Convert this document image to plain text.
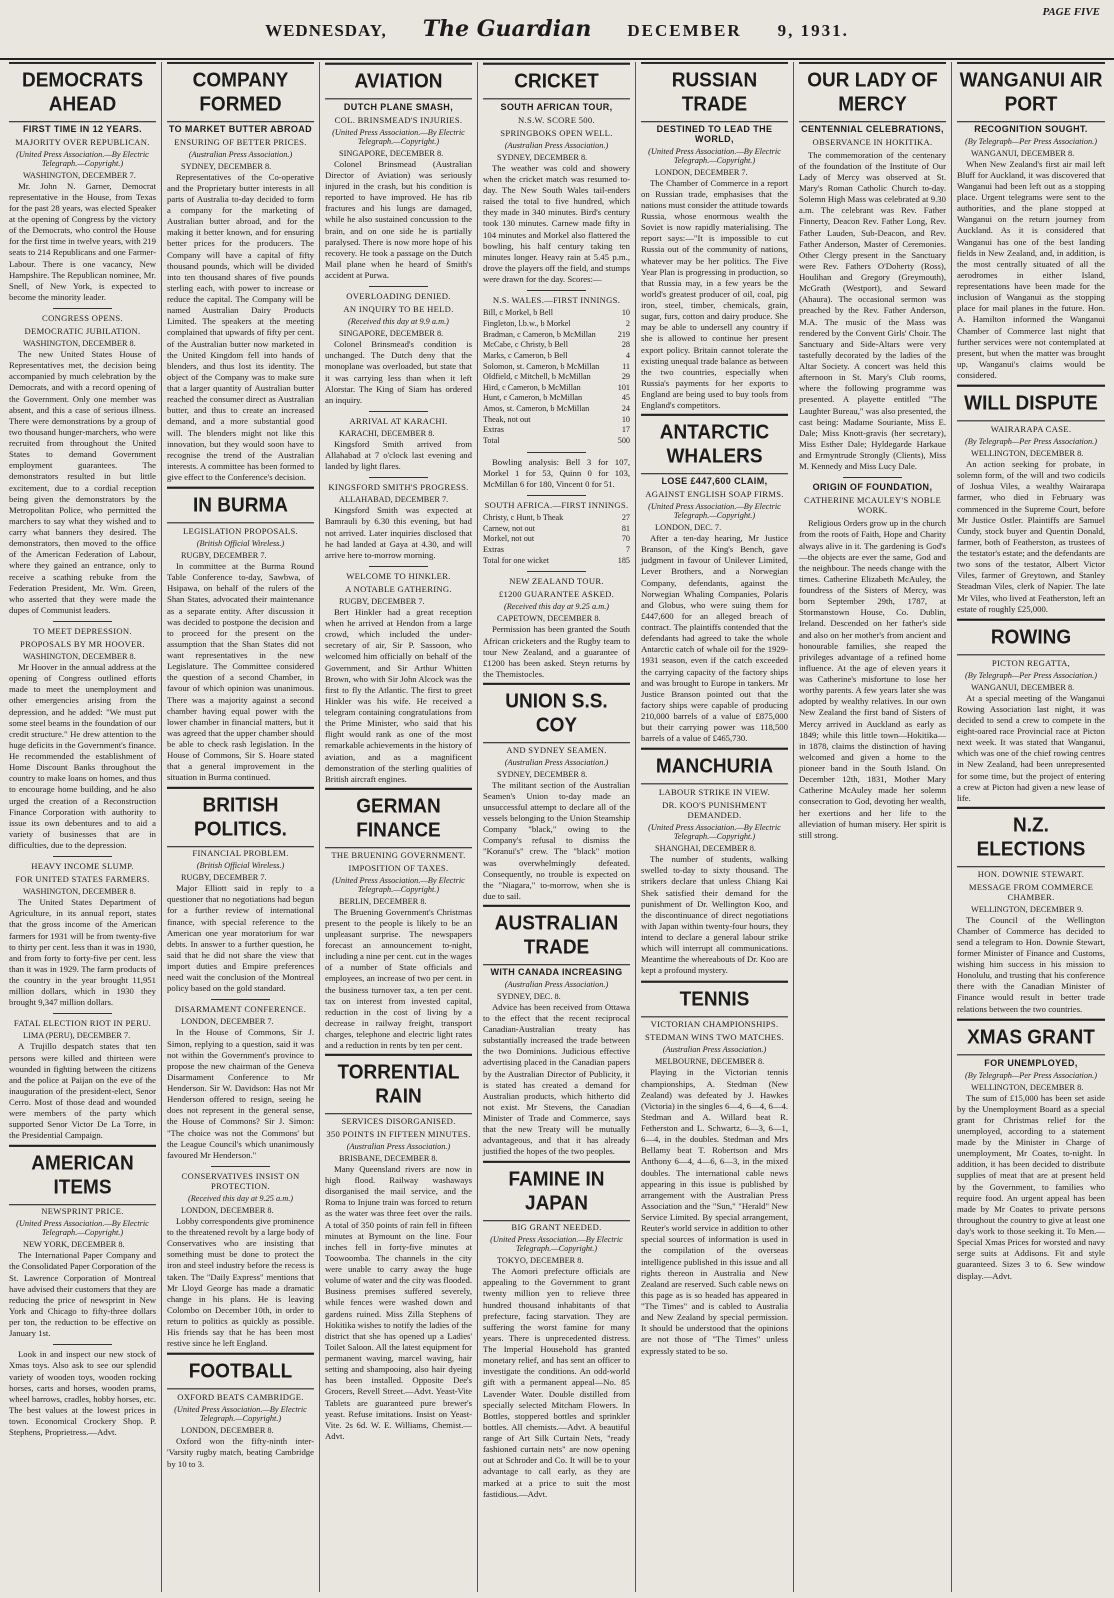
WEDNESDAY, The Guardian DECEMBER 9, 1931.
PAGE FIVE
DEMOCRATS AHEAD
FIRST TIME IN 12 YEARS.
MAJORITY OVER REPUBLICAN.
(United Press Association.—By Electric Telegraph.—Copyright.)
WASHINGTON, DECEMBER 7.

Mr. John N. Garner, Democrat representative in the House, from Texas for the past 28 years, was elected Speaker at the opening of Congress by the victory of the Democrats, who control the House for the first time in twelve years, with 219 seats to 214 Republicans and one Farmer-Labour. There is one vacancy, New Hampshire. The Republican nominee, Mr. Snell, of New York, is expected to become the minority leader.

CONGRESS OPENS.
DEMOCRATIC JUBILATION.
WASHINGTON, DECEMBER 8.

The new United States House of Representatives met, the decision being accompanied by much celebration by the Democrats, and with a record opening of the Government. Only one member was absent, and this a case of serious illness. There were demonstrations by a group of two thousand hunger-marchers, who were recruited from throughout the United States to demand Government employment guarantees. The demonstrators resulted in but little excitement, due to a cordial reception being given the demonstrators by the Metropolitan Police, who permitted the marchers to say what they wished and to carry what banners they desired. The demonstrators, then moved to the office of the American Federation of Labour, where they gained an entrance, only to receive a scathing rebuke from the Federation President, Mr. Wm. Green, who asserted that they were made the dupes of Communist leaders.

TO MEET DEPRESSION.
PROPOSALS BY MR HOOVER.
WASHINGTON, DECEMBER 8.

Mr Hoover in the annual address at the opening of Congress outlined efforts made to meet the unemployment and other emergencies arising from the depression, and he added: "We must put some steel beams in the foundation of our credit structure." He drew attention to the huge deficits in the Government's finance. He recommended the establishment of Home Discount Banks throughout the country to make loans on homes, and thus to encourage home building, and he also urged the creation of a Reconstruction Finance Corporation with authority to issue its own debentures and to aid a variety of businesses that are in difficulties, due to the depression.

HEAVY INCOME SLUMP.
FOR UNITED STATES FARMERS.
WASHINGTON, DECEMBER 8.

The United States Department of Agriculture, in its annual report, states that the gross income of the American farmers for 1931 will be from twenty-five to thirty per cent. less than it was in 1930, and from forty to forty-five per cent. less than it was in 1929. The farm products of the country in the year brought 11,951 million dollars, which in 1930 they brought 9,347 million dollars.

FATAL ELECTION RIOT IN PERU.
LIMA (PERU), DECEMBER 7.

A Trujillo despatch states that ten persons were killed and thirteen were wounded in fighting between the citizens and the police at Paijan on the eve of the inauguration of the president-elect, Senor Cerro. Most of those dead and wounded were members of the party which supported Senor Victor De La Torre, in the Presidential Campaign.

AMERICAN ITEMS
NEWSPRINT PRICE.
(United Press Association.—By Electric Telegraph.—Copyright.)
NEW YORK, DECEMBER 8.

The International Paper Company and the Consolidated Paper Corporation of the St. Lawrence Corporation of Montreal have advised their customers that they are reducing the price of newsprint in New York and Chicago to fifty-three dollars per ton, the reduction to be effective on January 1st.

Look in and inspect our new stock of Xmas toys. Also ask to see our splendid variety of wooden toys, wooden rocking horses, carts and horses, wooden prams, wheel barrows, cradles, hobby horses, etc. The best values at the lowest prices in town. Economical Crockery Shop. P. Stephens, Proprietress.—Advt.

COMPANY FORMED
TO MARKET BUTTER ABROAD
ENSURING OF BETTER PRICES.
(Australian Press Association.)
SYDNEY, DECEMBER 8.

Representatives of the Co-operative and the Proprietary butter interests in all parts of Australia to-day decided to form a company for the marketing of Australian butter abroad, and for the making it better known, and for ensuring better prices for the producers. The Company will have a capital of fifty thousand pounds, which will be divided into ten thousand shares of five pounds sterling each, with power to increase or reduce the capital. The Company will be named Australian Dairy Products Limited. The speakers at the meeting complained that upwards of fifty per cent. of the Australian butter now marketed in the United Kingdom fell into hands of blenders, and thus lost its identity. The object of the Company was to make sure that a larger quantity of Australian butter reached the consumer direct as Australian butter, and thus to create an increased demand, and a more substantial good will. The blenders might not like this innovation, but they would soon have to recognise the trend of the Australian interests. A committee has been formed to give effect to the Conference's decision.

IN BURMA
LEGISLATION PROPOSALS.
(British Official Wireless.)
RUGBY, DECEMBER 7.

In committee at the Burma Round Table Conference to-day, Sawbwa, of Hsipawa, on behalf of the rulers of the Shan States, advocated their maintenance as a separate entity. After discussion it was decided to postpone the decision and to proceed for the present on the assumption that the Shan States did not want representatives in the new Legislature. The Committee considered the question of a second Chamber, in favour of which opinion was unanimous. There was a majority against a second chamber having equal power with the lower chamber in financial matters, but it was agreed that the upper chamber should be able to check rash legislation. In the House of Commons, Sir S. Hoare stated that a general improvement in the situation in Burma continued.

BRITISH POLITICS.
FINANCIAL PROBLEM.
(British Official Wireless.)
RUGBY, DECEMBER 7.

Major Elliott said in reply to a questioner that no negotiations had begun for a further review of international finance, with special reference to the American one year moratorium for war debts. In answer to a further question, he said that he did not share the view that import duties and Empire preferences need wait the conclusion of the Montreal policy based on the gold standard.

DISARMAMENT CONFERENCE.
LONDON, DECEMBER 7.

In the House of Commons, Sir J. Simon, replying to a question, said it was not within the Government's province to propose the new chairman of the Geneva Disarmament Conference to Mr Henderson. Sir W. Davidson: Has not Mr Henderson offered to resign, seeing he does not represent in the general sense, the House of Commons? Sir J. Simon: "The choice was not the Commons' but the League Council's which unanimously favoured Mr Henderson."

CONSERVATIVES INSIST ON PROTECTION.
(Received this day at 9.25 a.m.)
LONDON, DECEMBER 8.

Lobby correspondents give prominence to the threatened revolt by a large body of Conservatives who are insisting that something must be done to protect the iron and steel industry before the recess is taken. The "Daily Express" mentions that Mr Lloyd George has made a dramatic change in his plans. He is leaving Colombo on December 10th, in order to return to politics as quickly as possible. His friends say that he has been most restive since he left England.

FOOTBALL
OXFORD BEATS CAMBRIDGE.
(United Press Association.—By Electric Telegraph.—Copyright.)
LONDON, DECEMBER 8.

Oxford won the fifty-ninth inter-'Varsity rugby match, beating Cambridge by 10 to 3.

AVIATION
DUTCH PLANE SMASH,
COL. BRINSMEAD'S INJURIES.
(United Press Association.—By Electric Telegraph.—Copyright.)
SINGAPORE, DECEMBER 8.

Colonel Brinsmead (Australian Director of Aviation) was seriously injured in the crash, but his condition is reported to have improved. He has rib fractures and his lungs are damaged, while he also sustained concussion to the brain, and on one side he is partially paralysed. There is now more hope of his recovery. He took a passage on the Dutch Mail plane when he heard of Smith's accident at Purwa.

OVERLOADING DENIED.
AN INQUIRY TO BE HELD.
(Received this day at 9.9 a.m.)
SINGAPORE, DECEMBER 8.

Colonel Brinsmead's condition is unchanged. The Dutch deny that the monoplane was overloaded, but state that it was carrying less than when it left Alorstar. The King of Siam has ordered an inquiry.

ARRIVAL AT KARACHI.
KARACHI, DECEMBER 8.

Kingsford Smith arrived from Allahabad at 7 o'clock last evening and landed by light flares.

KINGSFORD SMITH'S PROGRESS.
ALLAHABAD, DECEMBER 7.

Kingsford Smith was expected at Bamrauli by 6.30 this evening, but had not arrived. Later inquiries disclosed that he had landed at Gaya at 4.30, and will arrive here to-morrow morning.

WELCOME TO HINKLER.
A NOTABLE GATHERING.
RUGBY, DECEMBER 7.

Bert Hinkler had a great reception when he arrived at Hendon from a large crowd, which included the under-secretary of air, Sir P. Sassoon, who welcomed him officially on behalf of the Government, and Sir Arthur Whitten Brown, who with Sir John Alcock was the first to fly the Atlantic. The first to greet Hinkler was his wife. He received a telegram containing congratulations from the Prime Minister, who said that his flight would rank as one of the most remarkable achievements in the history of aviation, and as a magnificent demonstration of the sterling qualities of British aircraft engines.

GERMAN FINANCE
THE BRUENING GOVERNMENT.
IMPOSITION OF TAXES.
(United Press Association.—By Electric Telegraph.—Copyright.)
BERLIN, DECEMBER 8.

The Bruening Government's Christmas present to the people is likely to be an unpleasant surprise. The newspapers forecast an announcement to-night, including a nine per cent. cut in the wages of a number of State officials and employees, an increase of two per cent. in the business turnover tax, a ten per cent. tax on interest from invested capital, reduction in the cost of living by a decrease in railway freight, transport charges, telephone and electric light rates and a reduction in rents by ten per cent.

TORRENTIAL RAIN
SERVICES DISORGANISED.
350 POINTS IN FIFTEEN MINUTES.
(Australian Press Association.)
BRISBANE, DECEMBER 8.

Many Queensland rivers are now in high flood. Railway washaways disorganised the mail service, and the Roma to Injune train was forced to return as the water was three feet over the rails. A total of 350 points of rain fell in fifteen minutes at Bymount on the line. Four inches fell in forty-five minutes at Toowoomba. The channels in the city were unable to carry away the huge volume of water and the city was flooded. Business premises suffered severely, while fences were washed down and gardens ruined. Miss Zilla Stephens of Hokitika wishes to notify the ladies of the district that she has opened up a Ladies' Toilet Saloon. All the latest equipment for permanent waving, marcel waving, hair setting and shampooing, also hair dyeing has been installed. Opposite Dee's Grocers, Revell Street.—Advt. Yeast-Vite Tablets are guaranteed pure brewer's yeast. Refuse imitations. Insist on Yeast-Vite. 2s 6d. W. E. Williams, Chemist.—Advt.

CRICKET
SOUTH AFRICAN TOUR,
N.S.W. SCORE 500.
SPRINGBOKS OPEN WELL.
(Australian Press Association.)
SYDNEY, DECEMBER 8.

The weather was cold and showery when the cricket match was resumed to-day. The New South Wales tail-enders raised the total to five hundred, which they made in 340 minutes. Bird's century took 130 minutes. Carnew made fifty in 104 minutes and Morkel also flattered the bowling, his half century taking ten minutes longer. Heavy rain at 5.45 p.m., drove the players off the field, and stumps were drawn for the day. Scores:—

N.S. WALES.—FIRST INNINGS.
Bill, c Morkel, b Bell	10
Fingleton, l.b.w., b Morkel	2
Bradman, c Cameron, b McMillan	219
McCabe, c Christy, b Bell	28
Marks, c Cameron, b Bell	4
Solomon, st. Cameron, b McMillan	11
Oldfield, c Mitchell, b McMillan	29
Hird, c Cameron, b McMillan	101
Hunt, c Cameron, b McMillan	45
Amos, st. Cameron, b McMillan	24
Theak, not out	10
Extras	17
Total	500

Bowling analysis: Bell 3 for 107, Morkel 1 for 53, Quinn 0 for 103, McMillan 6 for 180, Vincent 0 for 51.

SOUTH AFRICA.—FIRST INNINGS.
Christy, c Hunt, b Theak	27
Carnew, not out	81
Morkel, not out	70
Extras	7
Total for one wicket	185
NEW ZEALAND TOUR.
£1200 GUARANTEE ASKED.
(Received this day at 9.25 a.m.)
CAPETOWN, DECEMBER 8.

Permission has been granted the South African cricketers and the Rugby team to tour New Zealand, and a guarantee of £1200 has been asked. Steyn returns by the Themistocles.

UNION S.S. COY
AND SYDNEY SEAMEN.
(Australian Press Association.)
SYDNEY, DECEMBER 8.

The militant section of the Australian Seamen's Union to-day made an unsuccessful attempt to declare all of the vessels belonging to the Union Steamship Company "black," owing to the Company's refusal to dismiss the "Koranui's" crew. The "black" motion was overwhelmingly defeated. Consequently, no trouble is expected on the "Niagara," to-morrow, when she is due to sail.

AUSTRALIAN TRADE
WITH CANADA INCREASING
(Australian Press Association.)
SYDNEY, DEC. 8.

Advice has been received from Ottawa to the effect that the recent reciprocal Canadian-Australian treaty has substantially increased the trade between the two Dominions. Judicious effective advertising placed in the Canadian papers by the Australian Director of Publicity, it is stated has created a demand for Australian products, which hitherto did not exist. Mr Stevens, the Canadian Minister of Trade and Commerce, says that the new Treaty will be mutually advantageous, and that it has already justified the hopes of the two peoples.

FAMINE IN JAPAN
BIG GRANT NEEDED.
(United Press Association.—By Electric Telegraph.—Copyright.)
TOKYO, DECEMBER 8.

The Aomori prefecture officials are appealing to the Government to grant twenty million yen to relieve three hundred thousand inhabitants of that prefecture, facing starvation. They are suffering the worst famine for many years. There is unprecedented distress. The Imperial Household has granted monetary relief, and has sent an officer to investigate the conditions. An odd-world gift with a permanent appeal—No. 85 Lavender Water. Double distilled from specially selected Mitcham Flowers. In Bottles, stoppered bottles and sprinkler bottles. All chemists.—Advt. A beautiful range of Art Silk Curtain Nets, "ready fashioned curtain nets" are now opening out at Schroder and Co. It will be to your advantage to call early, as they are marked at a price to suit the most fastidious.—Advt.

RUSSIAN TRADE
DESTINED TO LEAD THE WORLD,
(United Press Association.—By Electric Telegraph.—Copyright.)
LONDON, DECEMBER 7.

The Chamber of Commerce in a report on Russian trade, emphasises that the nations must consider the attitude towards Russia, whose enormous wealth the Soviet is now rapidly materialising. The report says:—"It is impossible to cut Russia out of the community of nations, whatever may be her politics. The Five Year Plan is progressing in production, so that Russia may, in a few years be the world's greatest producer of oil, coal, pig iron, steel, timber, chemicals, grain, sugar, furs, cotton and dairy produce. She may be able to undersell any country if she is allowed to continue her present export policy. Britain cannot tolerate the existing unequal trade balance as between the two countries, especially when Russia's payments for her exports to England are being used to buy tools from England's competitors.

ANTARCTIC WHALERS
LOSE £447,600 CLAIM,
AGAINST ENGLISH SOAP FIRMS.
(United Press Association.—By Electric Telegraph.—Copyright.)
LONDON, DEC. 7.

After a ten-day hearing, Mr Justice Branson, of the King's Bench, gave judgment in favour of Unilever Limited, Lever Brothers, and a Norwegian Company, defendants, against the Norwegian Whaling Companies, Polaris and Globus, who were suing them for £447,600 for an alleged breach of contract. The plaintiffs contended that the defendants had agreed to take the whole Antarctic catch of whale oil for the 1929-1931 season, even if the catch exceeded the carrying capacity of the factory ships and was brought to Europe in tankers. Mr Justice Branson pointed out that the factory ships were capable of producing 210,000 barrels of a value of £875,000 but their carrying power was 118,500 barrels of a value of £465,730.

MANCHURIA
LABOUR STRIKE IN VIEW.
DR. KOO'S PUNISHMENT DEMANDED.
(United Press Association.—By Electric Telegraph.—Copyright.)
SHANGHAI, DECEMBER 8.

The number of students, walking swelled to-day to sixty thousand. The strikers declare that unless Chiang Kai Shek satisfied their demand for the punishment of Dr. Wellington Koo, and the discontinuance of direct negotiations with Japan within twenty-four hours, they intend to declare a general labour strike which will interrupt all communications. Meantime the whereabouts of Dr. Koo are kept a profound mystery.

TENNIS
VICTORIAN CHAMPIONSHIPS.
STEDMAN WINS TWO MATCHES.
(Australian Press Association.)
MELBOURNE, DECEMBER 8.

Playing in the Victorian tennis championships, A. Stedman (New Zealand) was defeated by J. Hawkes (Victoria) in the singles 6—4, 6—4, 6—4. Stedman and A. Willard beat R. Fetherston and L. Schwartz, 6—3, 6—1, 6—4, in the doubles. Stedman and Mrs Bellamy beat T. Robertson and Mrs Anthony 6—4, 4—6, 6—3, in the mixed doubles. The international cable news appearing in this issue is published by arrangement with the Australian Press Association and the "Sun," "Herald" New Service Limited. By special arrangement, Reuter's world service in addition to other special sources of information is used in the compilation of the overseas intelligence published in this issue and all rights thereon in Australia and New Zealand are reserved. Such cable news on this page as is so headed has appeared in "The Times" and is cabled to Australia and New Zealand by special permission. It should be understood that the opinions are not those of "The Times" unless expressly stated to be so.

OUR LADY OF MERCY
CENTENNIAL CELEBRATIONS,
OBSERVANCE IN HOKITIKA.

The commemoration of the centenary of the foundation of the Institute of Our Lady of Mercy was observed at St. Mary's Roman Catholic Church to-day. Solemn High Mass was celebrated at 9.30 a.m. The celebrant was Rev. Father Finnerty, Deacon Rev. Father Long, Rev. Father Lauden, Sub-Deacon, and Rev. Father Anderson, Master of Ceremonies. Other Clergy present in the Sanctuary were Rev. Fathers O'Doherty (Ross), Houlihan and Gregory (Greymouth), McGrath (Westport), and Seward (Ahaura). The occasional sermon was preached by the Rev. Father Anderson, M.A. The music of the Mass was rendered by the Convent Girls' Choir. The Sanctuary and Side-Altars were very tastefully decorated by the ladies of the Altar Society. A concert was held this afternoon in St. Mary's Club rooms, where the following programme was presented. A playette entitled "The Laughter Bureau," was also presented, the cast being: Madame Souriante, Miss E. Dale; Miss Knott-gravis (her secretary), Miss Esther Dale; Hyldegarde Harkaue and Ermyntrude Strongly (Clients), Miss M. Kennedy and Miss Lucy Dale.

ORIGIN OF FOUNDATION,
CATHERINE MCAULEY'S NOBLE WORK.

Religious Orders grow up in the church from the roots of Faith, Hope and Charity always alive in it. The gardening is God's—the objects are ever the same, God and the neighbour. The needs change with the times. Catherine Elizabeth McAuley, the foundress of the Sisters of Mercy, was born September 29th, 1787, at Stormanstown House, Co. Dublin, Ireland. Descended on her father's side and also on her mother's from ancient and honourable families, she reaped the privileges advantage of a refined home influence. At the age of eleven years it was Catherine's misfortune to lose her worthy parents. A few years later she was adopted by wealthy relatives. In our own New Zealand the first band of Sisters of Mercy arrived in Auckland as early as 1849; while this little town—Hokitika—in 1878, claims the distinction of having welcomed and given a home to the pioneer band in the South Island. On December 12th, 1831, Mother Mary Catherine McAuley made her solemn consecration to God, devoting her wealth, her exertions and her life to the alleviation of human misery. Her spirit is still strong.

WANGANUI AIR PORT
RECOGNITION SOUGHT.
(By Telegraph—Per Press Association.)
WANGANUI, DECEMBER 8.

When New Zealand's first air mail left Bluff for Auckland, it was discovered that Wanganui had been left out as a stopping place. Urgent telegrams were sent to the authorities, and the plane stopped at Wanganui on the return journey from Auckland. As it is considered that Wanganui has one of the best landing fields in New Zealand, and, in addition, is the most centrally situated of all the aerodromes in either Island, representations have been made for the inclusion of Wanganui as the stopping place for mail planes in the future. Hon. A. Hamilton informed the Wanganui Chamber of Commerce last night that further services were not contemplated at present, but when the matter was brought up, Wanganui's claims would be considered.

WILL DISPUTE
WAIRARAPA CASE.
(By Telegraph—Per Press Association.)
WELLINGTON, DECEMBER 8.

An action seeking for probate, in solemn form, of the will and two codicils of Joshua Viles, a wealthy Wairarapa farmer, who died in February was commenced in the Supreme Court, before Mr Justice Ostler. Plaintiffs are Samuel Cundy, stock buyer and Quentin Donald, farmer, both of Featherston, as trustees of the testator's estate; and the defendants are two sons of the testator, Albert Victor Viles, farmer of Greytown, and Stanley Steadman Viles, clerk of Napier. The late Mr Viles, who lived at Featherston, left an estate of roughly £25,000.

ROWING
PICTON REGATTA,
(By Telegraph—Per Press Association.)
WANGANUI, DECEMBER 8.

At a special meeting of the Wanganui Rowing Association last night, it was decided to send a crew to compete in the eight-oared race Provincial race at Picton next week. It was stated that Wanganui, which was one of the chief rowing centres in New Zealand, had been unrepresented for some time, but the project of entering a crew at Picton had given a new lease of life.

N.Z. ELECTIONS
HON. DOWNIE STEWART.
MESSAGE FROM COMMERCE CHAMBER.
WELLINGTON, DECEMBER 9.

The Council of the Wellington Chamber of Commerce has decided to send a telegram to Hon. Downie Stewart, former Minister of Finance and Customs, wishing him success in his mission to Honolulu, and trusting that his conference there with the Canadian Minister of Finance would result in better trade relations between the two countries.

XMAS GRANT
FOR UNEMPLOYED,
(By Telegraph—Per Press Association.)
WELLINGTON, DECEMBER 8.

The sum of £15,000 has been set aside by the Unemployment Board as a special grant for Christmas relief for the unemployed, according to a statement made by the Minister in Charge of unemployment, Mr Coates, to-night. In addition, it has been decided to distribute supplies of meat that are at present held by the Government, to families who require food. An urgent appeal has been made by Mr Coates to private persons throughout the country to give at least one day's work to those seeking it. To Men.—Special Xmas Prices for worsted and navy serge suits at Addisons. Fit and style guaranteed. Sizes 3 to 6. Sew window display.—Advt.
